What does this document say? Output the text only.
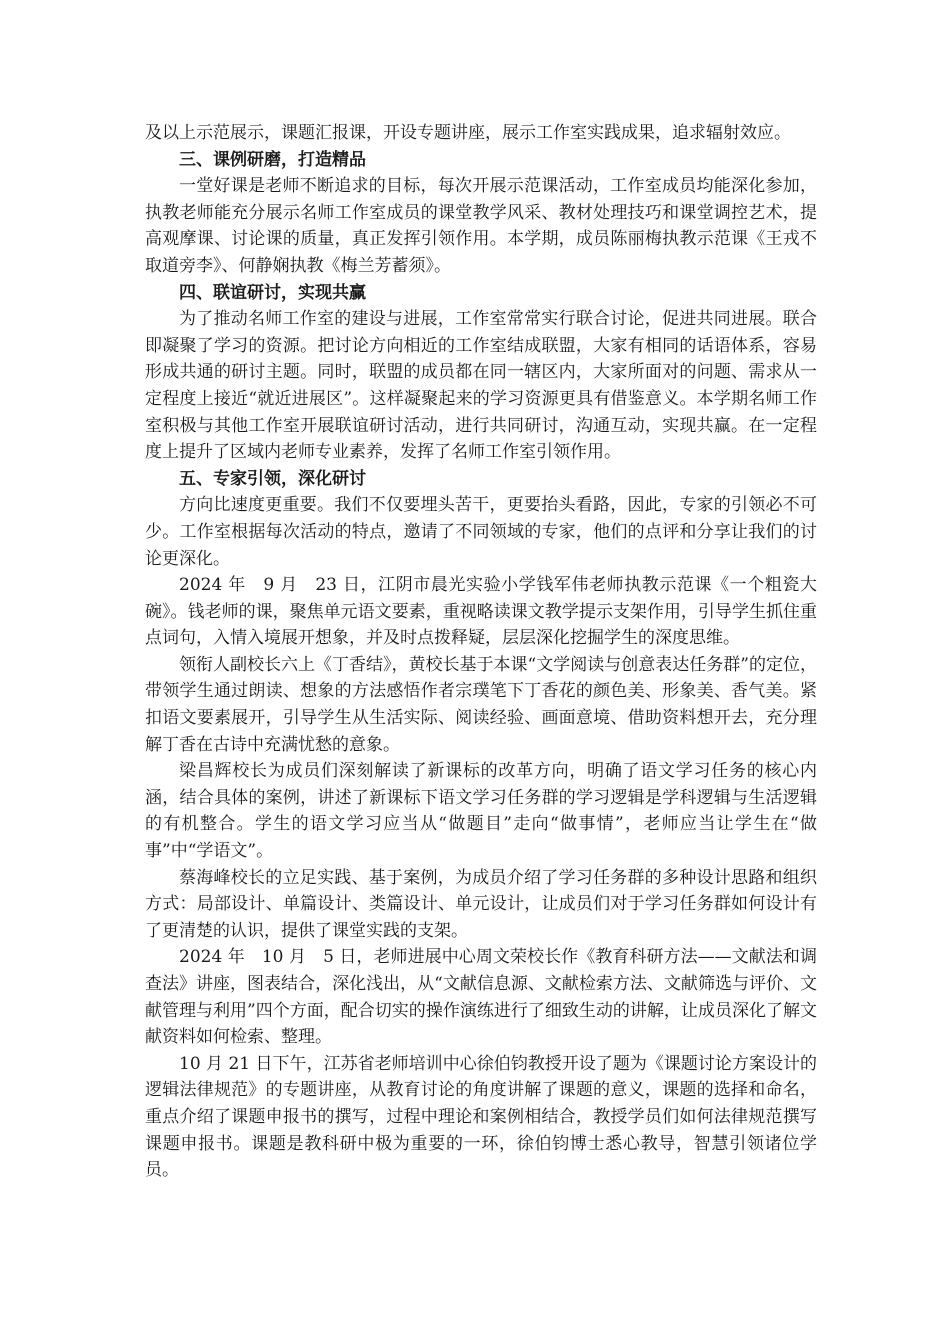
及以上示范展示，课题汇报课，开设专题讲座，展示工作室实践成果，追求辐射效应。

三、课例研磨，打造精品

一堂好课是老师不断追求的目标，每次开展示范课活动，工作室成员均能深化参加，执教老师能充分展示名师工作室成员的课堂教学风采、教材处理技巧和课堂调控艺术，提高观摩课、讨论课的质量，真正发挥引领作用。本学期，成员陈丽梅执教示范课《王戎不取道旁李》、何静娴执教《梅兰芳蓄须》。

四、联谊研讨，实现共赢

为了推动名师工作室的建设与进展，工作室常常实行联合讨论，促进共同进展。联合即凝聚了学习的资源。把讨论方向相近的工作室结成联盟，大家有相同的话语体系，容易形成共通的研讨主题。同时，联盟的成员都在同一辖区内，大家所面对的问题、需求从一定程度上接近“就近进展区”。这样凝聚起来的学习资源更具有借鉴意义。本学期名师工作室积极与其他工作室开展联谊研讨活动，进行共同研讨，沟通互动，实现共赢。在一定程度上提升了区域内老师专业素养，发挥了名师工作室引领作用。

五、专家引领，深化研讨

方向比速度更重要。我们不仅要埋头苦干，更要抬头看路，因此，专家的引领必不可少。工作室根据每次活动的特点，邀请了不同领域的专家，他们的点评和分享让我们的讨论更深化。

2024 年　9 月　23 日，江阴市晨光实验小学钱军伟老师执教示范课《一个粗瓷大碗》。钱老师的课，聚焦单元语文要素，重视略读课文教学提示支架作用，引导学生抓住重点词句，入情入境展开想象，并及时点拨释疑，层层深化挖掘学生的深度思维。

领衔人副校长六上《丁香结》，黄校长基于本课“文学阅读与创意表达任务群”的定位，带领学生通过朗读、想象的方法感悟作者宗璞笔下丁香花的颜色美、形象美、香气美。紧扣语文要素展开，引导学生从生活实际、阅读经验、画面意境、借助资料想开去，充分理解丁香在古诗中充满忧愁的意象。

梁昌辉校长为成员们深刻解读了新课标的改革方向，明确了语文学习任务的核心内涵，结合具体的案例，讲述了新课标下语文学习任务群的学习逻辑是学科逻辑与生活逻辑的有机整合。学生的语文学习应当从“做题目”走向“做事情”，老师应当让学生在“做事”中“学语文”。

蔡海峰校长的立足实践、基于案例，为成员介绍了学习任务群的多种设计思路和组织方式：局部设计、单篇设计、类篇设计、单元设计，让成员们对于学习任务群如何设计有了更清楚的认识，提供了课堂实践的支架。

2024 年　10 月　5 日，老师进展中心周文荣校长作《教育科研方法——文献法和调查法》讲座，图表结合，深化浅出，从“文献信息源、文献检索方法、文献筛选与评价、文献管理与利用”四个方面，配合切实的操作演练进行了细致生动的讲解，让成员深化了解文献资料如何检索、整理。

10 月 21 日下午，江苏省老师培训中心徐伯钧教授开设了题为《课题讨论方案设计的逻辑法律规范》的专题讲座，从教育讨论的角度讲解了课题的意义，课题的选择和命名，重点介绍了课题申报书的撰写，过程中理论和案例相结合，教授学员们如何法律规范撰写课题申报书。课题是教科研中极为重要的一环，徐伯钧博士悉心教导，智慧引领诸位学员。
